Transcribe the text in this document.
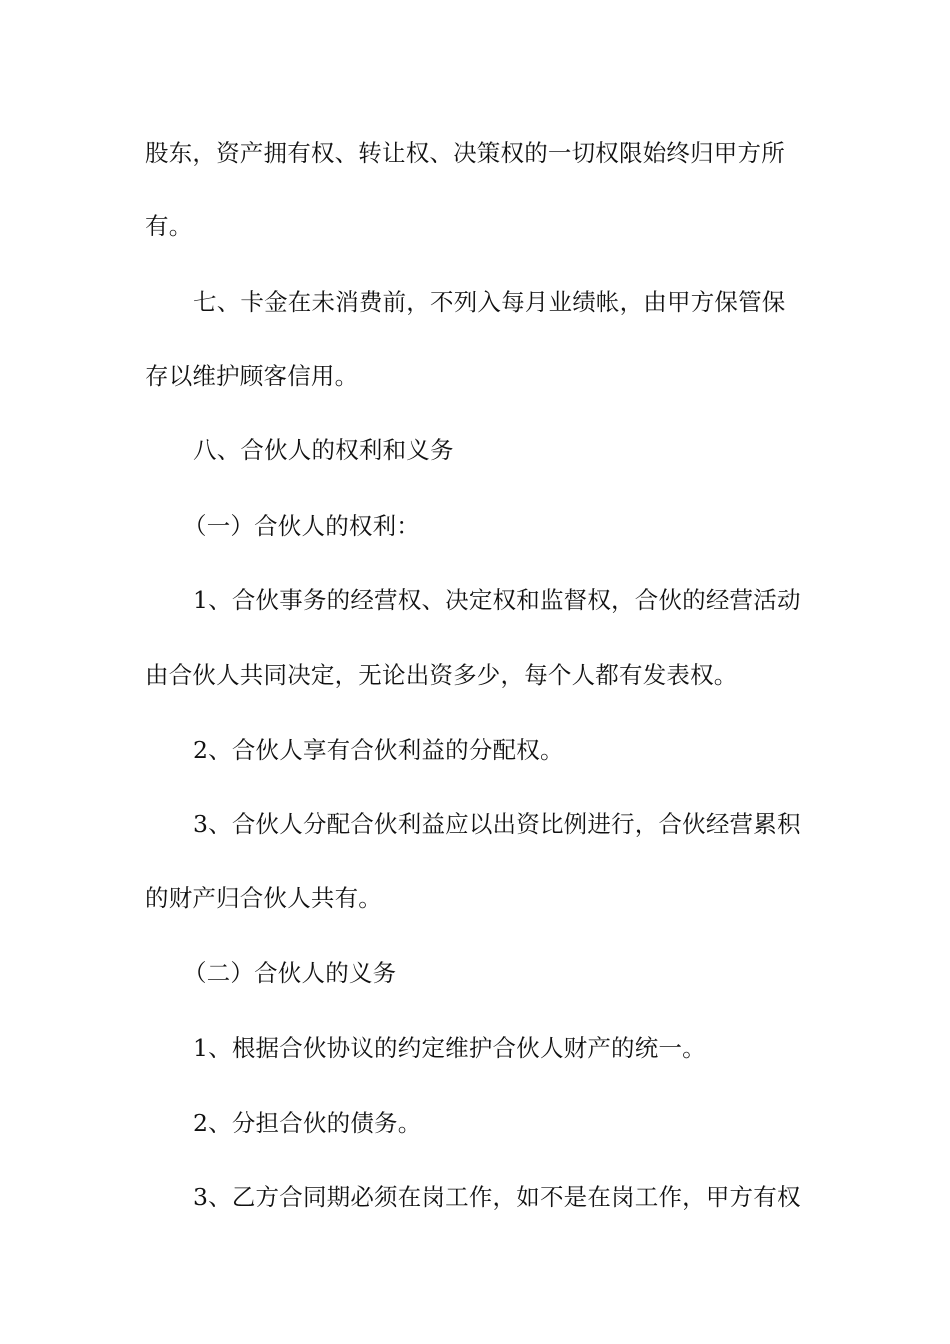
股东，资产拥有权、转让权、决策权的一切权限始终归甲方所
有。
七、卡金在未消费前，不列入每月业绩帐，由甲方保管保
存以维护顾客信用。
八、合伙人的权利和义务
（一）合伙人的权利：
1、合伙事务的经营权、决定权和监督权，合伙的经营活动
由合伙人共同决定，无论出资多少，每个人都有发表权。
2、合伙人享有合伙利益的分配权。
3、合伙人分配合伙利益应以出资比例进行，合伙经营累积
的财产归合伙人共有。
（二）合伙人的义务
1、根据合伙协议的约定维护合伙人财产的统一。
2、分担合伙的债务。
3、乙方合同期必须在岗工作，如不是在岗工作，甲方有权
